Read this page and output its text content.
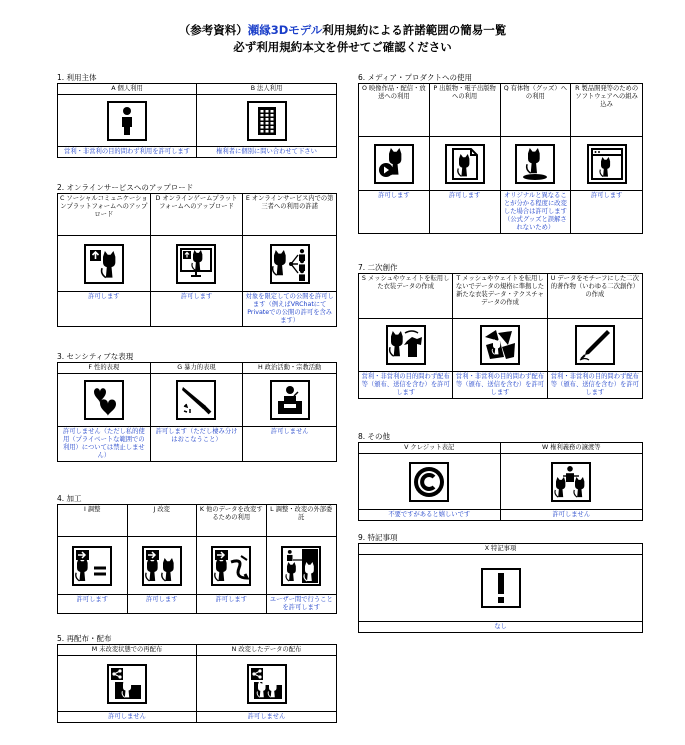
（参考資料）瀬縁3Dモデル利用規約による許諾範囲の簡易一覧
必ず利用規約本文を併せてご確認ください
1. 利用主体
A 個人利用
営利・非営利の目的問わず利用を許可します
B 法人利用
権利者に個別に問い合わせて下さい
2. オンラインサービスへのアップロード
C ソーシャルコミュニケーションプラットフォームへのアップロード
許可します
D オンラインゲームプラットフォームへのアップロード
許可します
E オンラインサービス内での第三者への利用の許諾
対象を限定しての公開を許可します（例えばVRChatにてPrivateでの公開の許可を含みます）
3. センシティブな表現
F 性的表現
許可しません（ただし私的使用（プライベートな範囲での利用）については禁止しません）
G 暴力的表現
許可します（ただし棲み分けはおこなうこと）
H 政治活動・宗教活動
許可しません
4. 加工
I 調整
許可します
J 改変
許可します
K 他のデータを改変するための利用
許可します
L 調整・改変の外部委託
ユーザー間で行うことを許可します
5. 再配布・配布
M 未改変状態での再配布
許可しません
N 改変したデータの配布
許可しません
6. メディア・プロダクトへの使用
O 映像作品・配信・放送への利用
許可します
P 出版物・電子出版物への利用
許可します
Q 有体物（グッズ）への利用
オリジナルと異なることが分かる程度に改変した場合は許可します（公式グッズと誤解されないため）
R 製品開発等のためのソフトウェアへの組み込み
許可します
7. 二次創作
S メッシュやウェイトを転用した衣装データの作成
営利・非営利の目的問わず配布等（頒布、送信を含む）を許可します
T メッシュやウェイトを転用しないでデータの規格に準拠した新たな衣装データ・テクスチャデータの作成
営利・非営利の目的問わず配布等（頒布、送信を含む）を許可します
U データをモチーフにした二次的著作物（いわゆる二次創作）の作成
営利・非営利の目的問わず配布等（頒布、送信を含む）を許可します
8. その他
V クレジット表記
不要ですがあると嬉しいです
W 権利義務の譲渡等
許可しません
9. 特記事項
X 特記事項
なし
